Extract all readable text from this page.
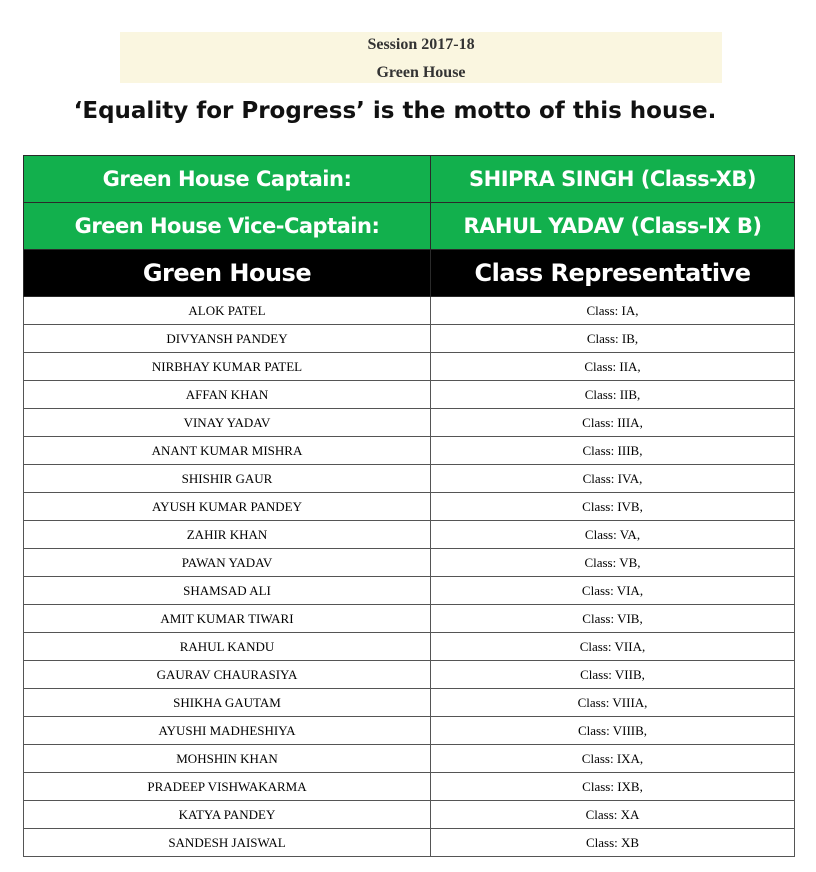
Session 2017-18
Green House
‘Equality for Progress’ is the motto of this house.
Green House Captain:	SHIPRA SINGH (Class-XB)
Green House Vice-Captain:	RAHUL YADAV (Class-IX B)
Green House	Class Representative
ALOK PATEL	Class: IA,
DIVYANSH PANDEY	Class: IB,
NIRBHAY KUMAR PATEL	Class: IIA,
AFFAN KHAN	Class: IIB,
VINAY YADAV	Class: IIIA,
ANANT KUMAR MISHRA	Class: IIIB,
SHISHIR GAUR	Class: IVA,
AYUSH KUMAR PANDEY	Class: IVB,
ZAHIR KHAN	Class: VA,
PAWAN YADAV	Class: VB,
SHAMSAD ALI	Class: VIA,
AMIT KUMAR TIWARI	Class: VIB,
RAHUL KANDU	Class: VIIA,
GAURAV CHAURASIYA	Class: VIIB,
SHIKHA GAUTAM	Class: VIIIA,
AYUSHI MADHESHIYA	Class: VIIIB,
MOHSHIN KHAN	Class: IXA,
PRADEEP VISHWAKARMA	Class: IXB,
KATYA PANDEY	Class: XA
SANDESH JAISWAL	Class: XB
